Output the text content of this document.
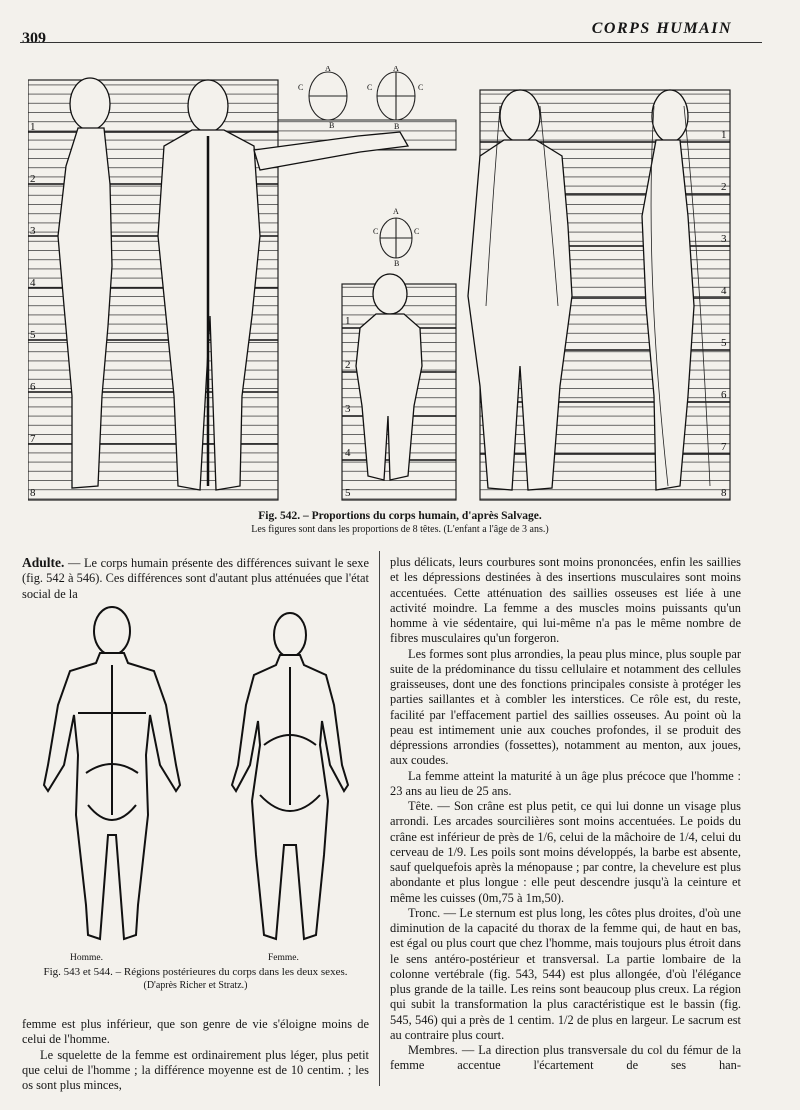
309
CORPS HUMAIN
1
2
3
4
5
6
7
8
1
2
3
4
5
6
7
8
1
2
3
4
5
A
B
C
A
C	C
B
A
C	C
B
Fig. 542. – Proportions du corps humain, d'après Salvage.
Les figures sont dans les proportions de 8 têtes. (L'enfant a l'âge de 3 ans.)

Adulte. — Le corps humain présente des différences suivant le sexe (fig. 542 à 546). Ces différences sont d'autant plus atténuées que l'état social de la

Homme.	Femme.
Fig. 543 et 544. – Régions postérieures du corps dans les deux sexes.
(D'après Richer et Stratz.)

femme est plus inférieur, que son genre de vie s'éloigne moins de celui de l'homme.

Le squelette de la femme est ordinairement plus léger, plus petit que celui de l'homme ; la différence moyenne est de 10 centim. ; les os sont plus minces,

plus délicats, leurs courbures sont moins prononcées, enfin les saillies et les dépressions destinées à des insertions musculaires sont moins accentuées. Cette atténuation des saillies osseuses est liée à une activité moindre. La femme a des muscles moins puissants qu'un homme à vie sédentaire, qui lui-même n'a pas le même nombre de fibres musculaires qu'un forgeron.

Les formes sont plus arrondies, la peau plus mince, plus souple par suite de la prédominance du tissu cellulaire et notamment des cellules graisseuses, dont une des fonctions principales consiste à protéger les parties saillantes et à combler les interstices. Ce rôle est, du reste, facilité par l'effacement partiel des saillies osseuses. Au point où la peau est intimement unie aux couches profondes, il se produit des dépressions arrondies (fossettes), notamment au menton, aux joues, aux coudes.

La femme atteint la maturité à un âge plus précoce que l'homme : 23 ans au lieu de 25 ans.

Tête. — Son crâne est plus petit, ce qui lui donne un visage plus arrondi. Les arcades sourcilières sont moins accentuées. Le poids du crâne est inférieur de près de 1/6, celui de la mâchoire de 1/4, celui du cerveau de 1/9. Les poils sont moins développés, la barbe est absente, sauf quelquefois après la ménopause ; par contre, la chevelure est plus abondante et plus longue : elle peut descendre jusqu'à la ceinture et même les cuisses (0m,75 à 1m,50).

Tronc. — Le sternum est plus long, les côtes plus droites, d'où une diminution de la capacité du thorax de la femme qui, de haut en bas, est égal ou plus court que chez l'homme, mais toujours plus étroit dans le sens antéro-postérieur et transversal. La partie lombaire de la colonne vertébrale (fig. 543, 544) est plus allongée, d'où l'élégance plus grande de la taille. Les reins sont beaucoup plus creux. La région qui subit la transformation la plus caractéristique est le bassin (fig. 545, 546) qui a près de 1 centim. 1/2 de plus en largeur. Le sacrum est au contraire plus court.

Membres. — La direction plus transversale du col du fémur de la femme accentue l'écartement de ses han-
